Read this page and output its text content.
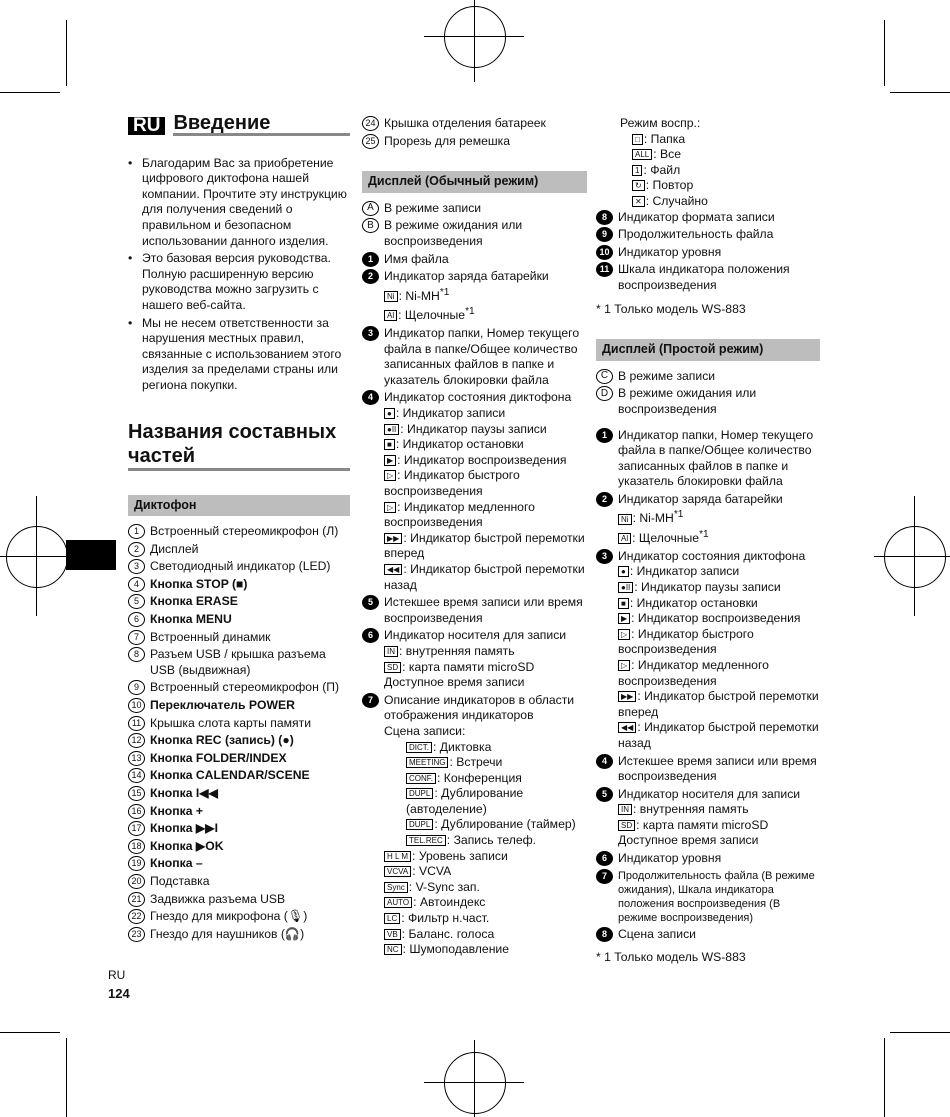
RU Введение
• Благодарим Вас за приобретение цифрового диктофона нашей компании. Прочтите эту инструкцию для получения сведений о правильном и безопасном использовании данного изделия.
• Это базовая версия руководства. Полную расширенную версию руководства можно загрузить с нашего веб-сайта.
• Мы не несем ответственности за нарушения местных правил, связанные с использованием этого изделия за пределами страны или региона покупки.
Названия составных
частей
Диктофон
1 Встроенный стереомикрофон (Л)
2 Дисплей
3 Светодиодный индикатор (LED)
4 Кнопка STOP (■)
5 Кнопка ERASE
6 Кнопка MENU
7 Встроенный динамик
8 Разъем USB / крышка разъема USB (выдвижная)
9 Встроенный стереомикрофон (П)
10 Переключатель POWER
11 Крышка слота карты памяти
12 Кнопка REC (запись) (●)
13 Кнопка FOLDER/INDEX
14 Кнопка CALENDAR/SCENE
15 Кнопка I◀◀
16 Кнопка +
17 Кнопка ▶▶I
18 Кнопка ▶OK
19 Кнопка –
20 Подставка
21 Задвижка разъема USB
22 Гнездо для микрофона (🎙)
23 Гнездо для наушников (🎧)
24 Крышка отделения батареек
25 Прорезь для ремешка
Дисплей (Обычный режим)
A В режиме записи
B В режиме ожидания или воспроизведения
1 Имя файла
2 Индикатор заряда батарейки
Ni : Ni-MH$^{*1}$
Al : Щелочные$^{*1}$
3 Индикатор папки, Номер текущего файла в папке/Общее количество записанных файлов в папке и указатель блокировки файла
4 Индикатор состояния диктофона
● : Индикатор записи
●II : Индикатор паузы записи
■ : Индикатор остановки
▶ : Индикатор воспроизведения
▷ : Индикатор быстрого воспроизведения
▷ : Индикатор медленного воспроизведения
▶▶ : Индикатор быстрой перемотки вперед
◀◀ : Индикатор быстрой перемотки назад
5 Истекшее время записи или время воспроизведения
6 Индикатор носителя для записи
IN : внутренняя память
SD : карта памяти microSD
Доступное время записи
7 Описание индикаторов в области отображения индикаторов
Сцена записи:
DICT. : Диктовка
MEETING : Встречи
CONF. : Конференция
DUPL : Дублирование (автоделение)
DUPL : Дублирование (таймер)
TEL.REC : Запись телеф.
H L M : Уровень записи
VCVA : VCVA
Sync : V-Sync зап.
AUTO : Автоиндекс
LC : Фильтр н.част.
VB : Баланс. голоса
NC : Шумоподавление
Режим воспр.:
□ : Папка
ALL : Все
1 : Файл
↻ : Повтор
✕ : Случайно
8 Индикатор формата записи
9 Продолжительность файла
10 Индикатор уровня
11 Шкала индикатора положения воспроизведения
* 1 Только модель WS-883
Дисплей (Простой режим)
C В режиме записи
D В режиме ожидания или воспроизведения
1 Индикатор папки, Номер текущего файла в папке/Общее количество записанных файлов в папке и указатель блокировки файла
2 Индикатор заряда батарейки
Ni : Ni-MH$^{*1}$
Al : Щелочные$^{*1}$
3 Индикатор состояния диктофона
● : Индикатор записи
●II : Индикатор паузы записи
■ : Индикатор остановки
▶ : Индикатор воспроизведения
▷ : Индикатор быстрого воспроизведения
▷ : Индикатор медленного воспроизведения
▶▶ : Индикатор быстрой перемотки вперед
◀◀ : Индикатор быстрой перемотки назад
4 Истекшее время записи или время воспроизведения
5 Индикатор носителя для записи
IN : внутренняя память
SD : карта памяти microSD
Доступное время записи
6 Индикатор уровня
7	Продолжительность файла (В режиме ожидания), Шкала индикатора положения воспроизведения (В режиме воспроизведения)
8 Сцена записи
* 1 Только модель WS-883
RU
124
